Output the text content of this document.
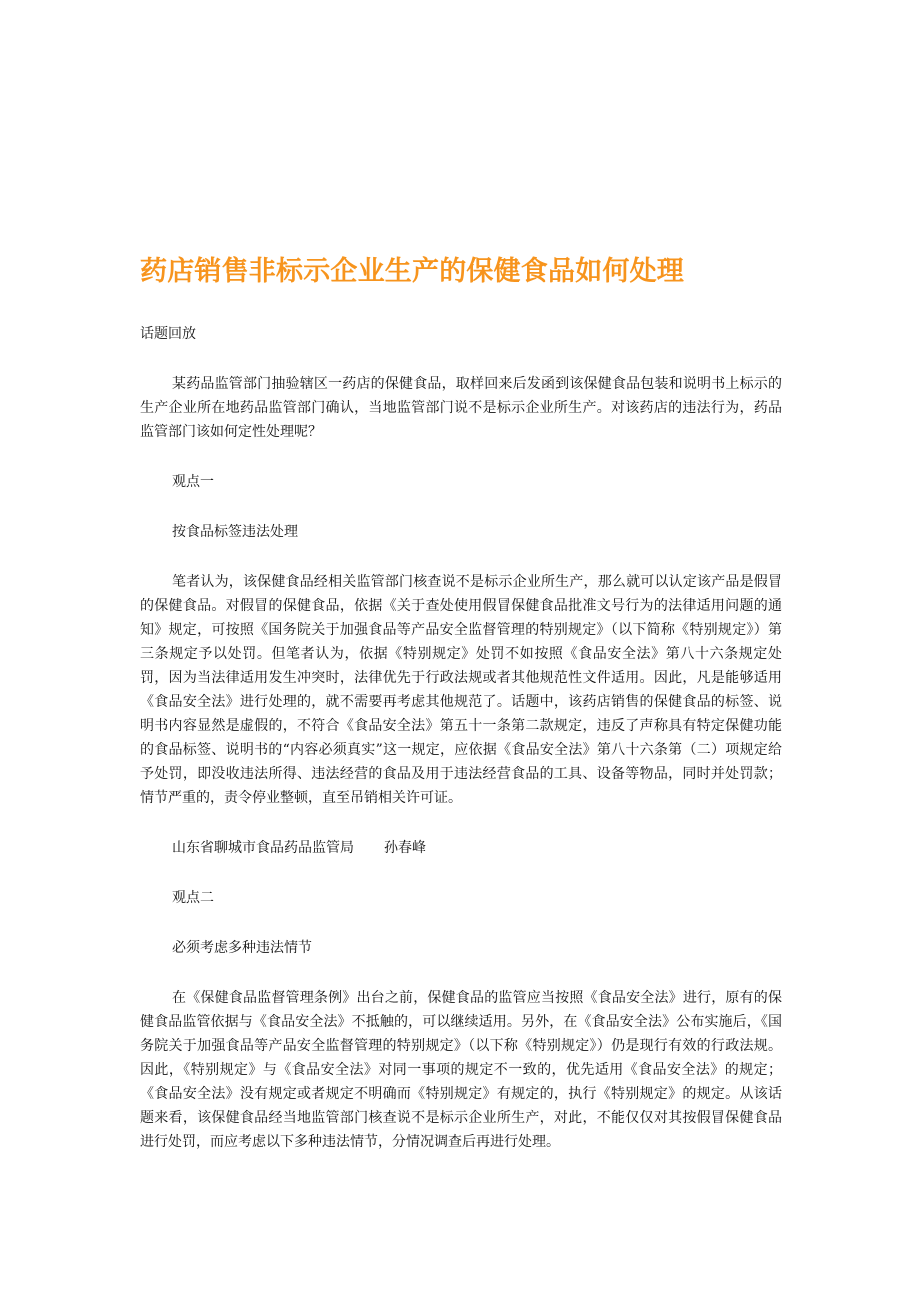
药店销售非标示企业生产的保健食品如何处理
话题回放

某药品监管部门抽验辖区一药店的保健食品，取样回来后发函到该保健食品包装和说明书上标示的生产企业所在地药品监管部门确认，当地监管部门说不是标示企业所生产。对该药店的违法行为，药品监管部门该如何定性处理呢？

观点一
按食品标签违法处理

笔者认为，该保健食品经相关监管部门核查说不是标示企业所生产，那么就可以认定该产品是假冒的保健食品。对假冒的保健食品，依据《关于查处使用假冒保健食品批准文号行为的法律适用问题的通知》规定，可按照《国务院关于加强食品等产品安全监督管理的特别规定》（以下简称《特别规定》）第三条规定予以处罚。但笔者认为，依据《特别规定》处罚不如按照《食品安全法》第八十六条规定处罚，因为当法律适用发生冲突时，法律优先于行政法规或者其他规范性文件适用。因此，凡是能够适用《食品安全法》进行处理的，就不需要再考虑其他规范了。话题中，该药店销售的保健食品的标签、说明书内容显然是虚假的，不符合《食品安全法》第五十一条第二款规定，违反了声称具有特定保健功能的食品标签、说明书的“内容必须真实”这一规定，应依据《食品安全法》第八十六条第（二）项规定给予处罚，即没收违法所得、违法经营的食品及用于违法经营食品的工具、设备等物品，同时并处罚款；情节严重的，责令停业整顿，直至吊销相关许可证。

山东省聊城市食品药品监管局 孙春峰
观点二
必须考虑多种违法情节

在《保健食品监督管理条例》出台之前，保健食品的监管应当按照《食品安全法》进行，原有的保健食品监管依据与《食品安全法》不抵触的，可以继续适用。另外，在《食品安全法》公布实施后，《国务院关于加强食品等产品安全监督管理的特别规定》（以下称《特别规定》）仍是现行有效的行政法规。因此，《特别规定》与《食品安全法》对同一事项的规定不一致的，优先适用《食品安全法》的规定；《食品安全法》没有规定或者规定不明确而《特别规定》有规定的，执行《特别规定》的规定。从该话题来看，该保健食品经当地监管部门核查说不是标示企业所生产，对此，不能仅仅对其按假冒保健食品进行处罚，而应考虑以下多种违法情节，分情况调查后再进行处理。
